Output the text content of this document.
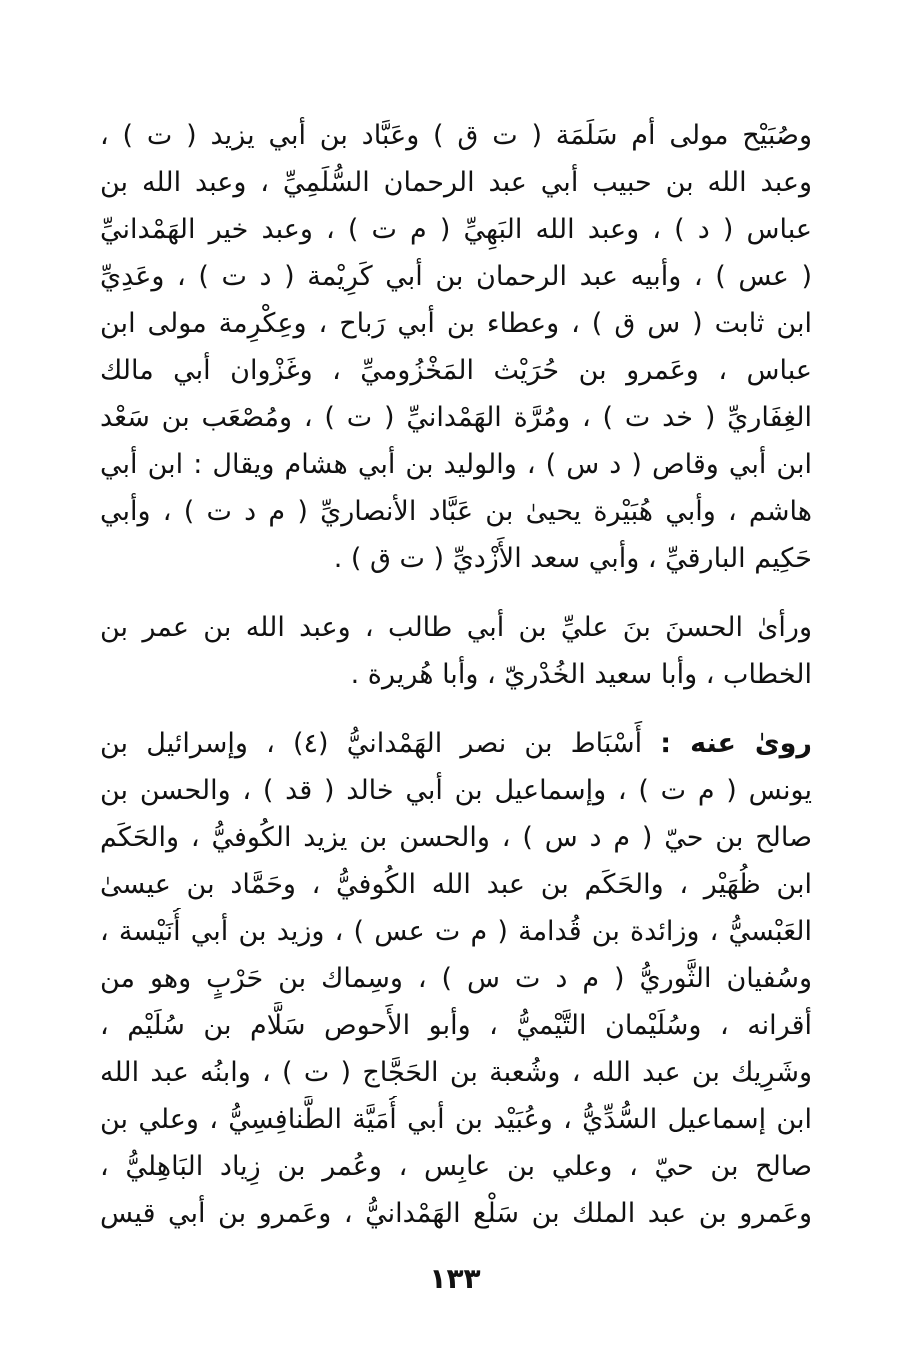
وصُبَيْح مولى أم سَلَمَة ( ت ق ) وعَبَّاد بن أبي يزيد ( ت ) ،
وعبد الله بن حبيب أبي عبد الرحمان السُّلَمِيِّ ، وعبد الله بن
عباس ( د ) ، وعبد الله البَهِيِّ ( م ت ) ، وعبد خير الهَمْدانيِّ
( عس ) ، وأبيه عبد الرحمان بن أبي كَرِيْمة ( د ت ) ، وعَدِيِّ
ابن ثابت ( س ق ) ، وعطاء بن أبي رَباح ، وعِكْرِمة مولى ابن
عباس ، وعَمرو بن حُرَيْث المَخْزُوميِّ ، وغَزْوان أبي مالك
الغِفَاريِّ ( خد ت ) ، ومُرَّة الهَمْدانيِّ ( ت ) ، ومُصْعَب بن سَعْد
ابن أبي وقاص ( د س ) ، والوليد بن أبي هشام ويقال : ابن أبي
هاشم ، وأبي هُبَيْرة يحيىٰ بن عَبَّاد الأنصاريِّ ( م د ت ) ، وأبي
حَكِيم البارقيِّ ، وأبي سعد الأَزْديِّ ( ت ق ) .
ورأىٰ الحسنَ بنَ عليِّ بن أبي طالب ، وعبد الله بن عمر بن
الخطاب ، وأبا سعيد الخُدْريّ ، وأبا هُريرة .
روىٰ عنه : أَسْبَاط بن نصر الهَمْدانيُّ (٤) ، وإسرائيل بن
يونس ( م ت ) ، وإسماعيل بن أبي خالد ( قد ) ، والحسن بن
صالح بن حيّ ( م د س ) ، والحسن بن يزيد الكُوفيُّ ، والحَكَم
ابن ظُهَيْر ، والحَكَم بن عبد الله الكُوفيُّ ، وحَمَّاد بن عيسىٰ
العَبْسيُّ ، وزائدة بن قُدامة ( م ت عس ) ، وزيد بن أبي أُنَيْسة ،
وسُفيان الثَّوريُّ ( م د ت س ) ، وسِماك بن حَرْبٍ وهو من
أقرانه ، وسُلَيْمان التَّيْميُّ ، وأبو الأَحوص سَلَّام بن سُلَيْم ،
وشَرِيك بن عبد الله ، وشُعبة بن الحَجَّاج ( ت ) ، وابنُه عبد الله
ابن إسماعيل السُّدِّيُّ ، وعُبَيْد بن أبي أُمَيَّة الطَّنافِسِيُّ ، وعلي بن
صالح بن حيّ ، وعلي بن عابِس ، وعُمر بن زِياد البَاهِليُّ ،
وعَمرو بن عبد الملك بن سَلْع الهَمْدانيُّ ، وعَمرو بن أبي قيس
١٣٣
